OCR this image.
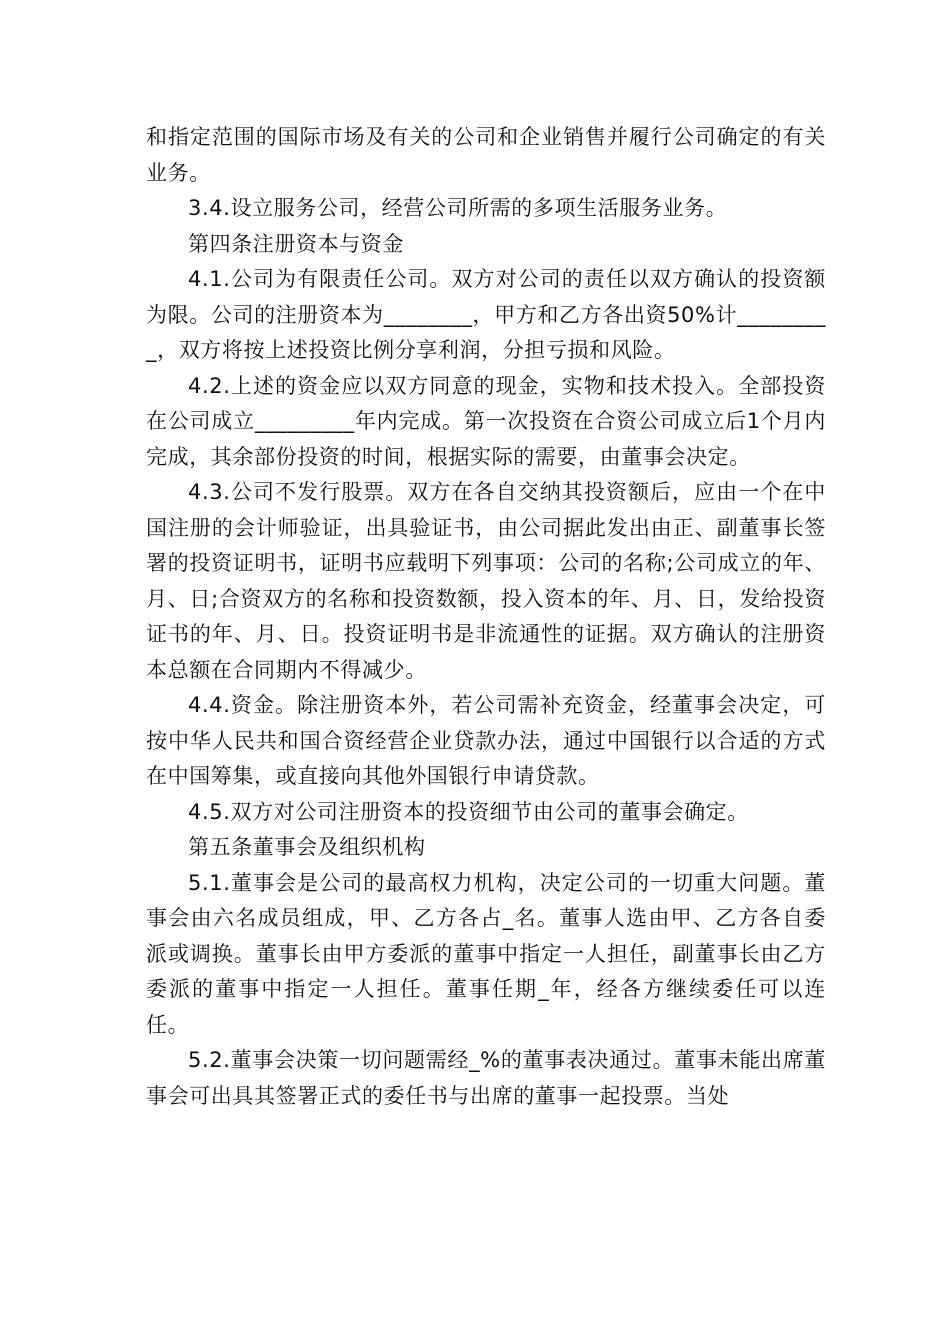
和指定范围的国际市场及有关的公司和企业销售并履行公司确定的有关业务。

3.4.设立服务公司，经营公司所需的多项生活服务业务。

第四条注册资本与资金

4.1.公司为有限责任公司。双方对公司的责任以双方确认的投资额为限。公司的注册资本为________，甲方和乙方各出资50%计_________，双方将按上述投资比例分享利润，分担亏损和风险。

4.2.上述的资金应以双方同意的现金，实物和技术投入。全部投资在公司成立_________年内完成。第一次投资在合资公司成立后1个月内完成，其余部份投资的时间，根据实际的需要，由董事会决定。

4.3.公司不发行股票。双方在各自交纳其投资额后，应由一个在中国注册的会计师验证，出具验证书，由公司据此发出由正、副董事长签署的投资证明书，证明书应载明下列事项：公司的名称;公司成立的年、月、日;合资双方的名称和投资数额，投入资本的年、月、日，发给投资证书的年、月、日。投资证明书是非流通性的证据。双方确认的注册资本总额在合同期内不得减少。

4.4.资金。除注册资本外，若公司需补充资金，经董事会决定，可按中华人民共和国合资经营企业贷款办法，通过中国银行以合适的方式在中国筹集，或直接向其他外国银行申请贷款。

4.5.双方对公司注册资本的投资细节由公司的董事会确定。

第五条董事会及组织机构

5.1.董事会是公司的最高权力机构，决定公司的一切重大问题。董事会由六名成员组成，甲、乙方各占_名。董事人选由甲、乙方各自委派或调换。董事长由甲方委派的董事中指定一人担任，副董事长由乙方委派的董事中指定一人担任。董事任期_年，经各方继续委任可以连任。

5.2.董事会决策一切问题需经_%的董事表决通过。董事未能出席董事会可出具其签署正式的委任书与出席的董事一起投票。当处
